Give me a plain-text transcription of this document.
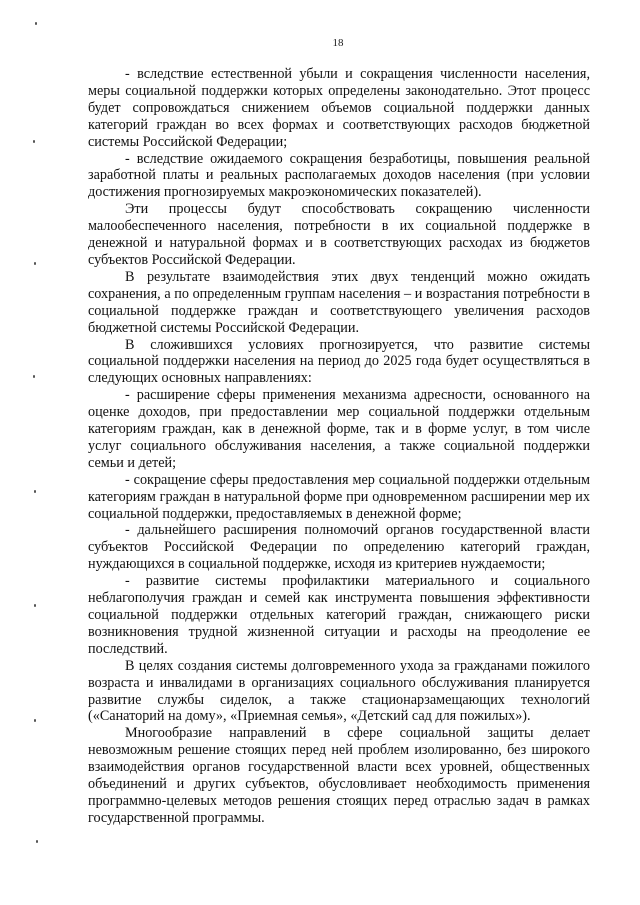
18

- вследствие естественной убыли и сокращения численности населения, меры социальной поддержки которых определены законодательно. Этот процесс будет сопровождаться снижением объемов социальной поддержки данных категорий граждан во всех формах и соответствующих расходов бюджетной системы Российской Федерации;

- вследствие ожидаемого сокращения безработицы, повышения реальной заработной платы и реальных располагаемых доходов населения (при условии достижения прогнозируемых макроэкономических показателей).

Эти процессы будут способствовать сокращению численности малообеспеченного населения, потребности в их социальной поддержке в денежной и натуральной формах и в соответствующих расходах из бюджетов субъектов Российской Федерации.

В результате взаимодействия этих двух тенденций можно ожидать сохранения, а по определенным группам населения – и возрастания потребности в социальной поддержке граждан и соответствующего увеличения расходов бюджетной системы Российской Федерации.

В сложившихся условиях прогнозируется, что развитие системы социальной поддержки населения на период до 2025 года будет осуществляться в следующих основных направлениях:

- расширение сферы применения механизма адресности, основанного на оценке доходов, при предоставлении мер социальной поддержки отдельным категориям граждан, как в денежной форме, так и в форме услуг, в том числе услуг социального обслуживания населения, а также социальной поддержки семьи и детей;

- сокращение сферы предоставления мер социальной поддержки отдельным категориям граждан в натуральной форме при одновременном расширении мер их социальной поддержки, предоставляемых в денежной форме;

- дальнейшего расширения полномочий органов государственной власти субъектов Российской Федерации по определению категорий граждан, нуждающихся в социальной поддержке, исходя из критериев нуждаемости;

- развитие системы профилактики материального и социального неблагополучия граждан и семей как инструмента повышения эффективности социальной поддержки отдельных категорий граждан, снижающего риски возникновения трудной жизненной ситуации и расходы на преодоление ее последствий.

В целях создания системы долговременного ухода за гражданами пожилого возраста и инвалидами в организациях социального обслуживания планируется развитие службы сиделок, а также стационарзамещающих технологий («Санаторий на дому», «Приемная семья», «Детский сад для пожилых»).

Многообразие направлений в сфере социальной защиты делает невозможным решение стоящих перед ней проблем изолированно, без широкого взаимодействия органов государственной власти всех уровней, общественных объединений и других субъектов, обусловливает необходимость применения программно-целевых методов решения стоящих перед отраслью задач в рамках государственной программы.
